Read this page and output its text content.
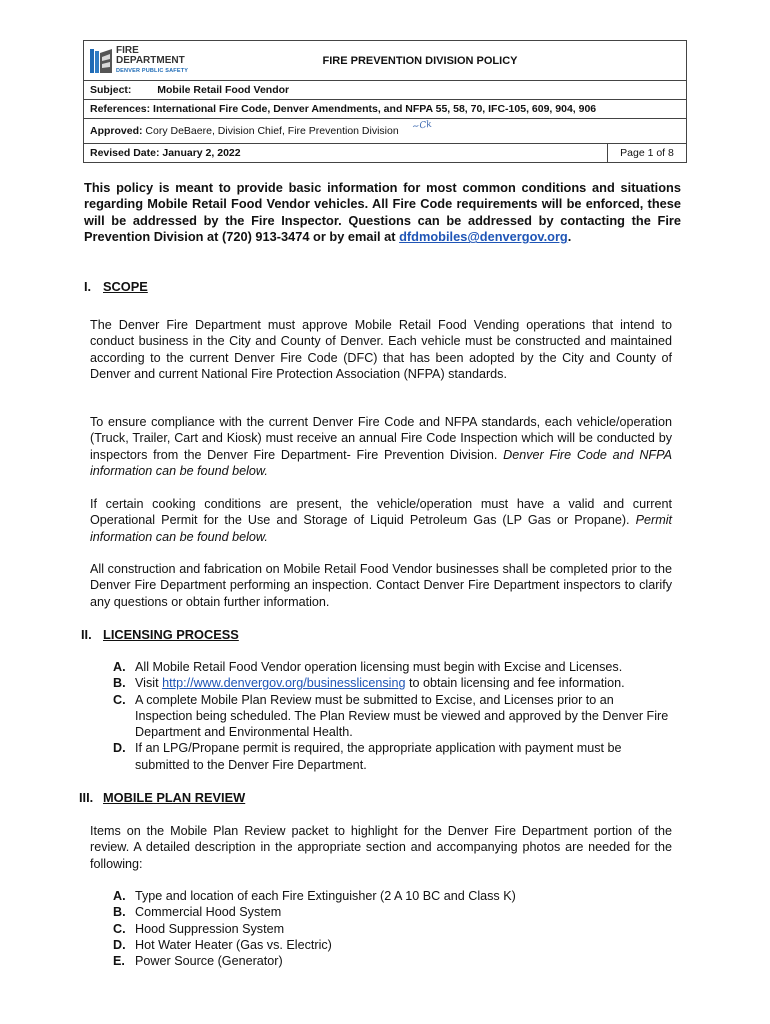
FIRE
DEPARTMENT
DENVER PUBLIC SAFETY
FIRE PREVENTION DIVISION POLICY

Subject: Mobile Retail Food Vendor
References: International Fire Code, Denver Amendments, and NFPA 55, 58, 70, IFC-105, 609, 904, 906
Approved: Cory DeBaere, Division Chief, Fire Prevention Division ~Ck
Revised Date: January 2, 2022	Page 1 of 8
This policy is meant to provide basic information for most common conditions and situations regarding Mobile Retail Food Vendor vehicles. All Fire Code requirements will be enforced, these will be addressed by the Fire Inspector. Questions can be addressed by contacting the Fire Prevention Division at (720) 913-3474 or by email at dfdmobiles@denvergov.org.
I. SCOPE
The Denver Fire Department must approve Mobile Retail Food Vending operations that intend to conduct business in the City and County of Denver. Each vehicle must be constructed and maintained according to the current Denver Fire Code (DFC) that has been adopted by the City and County of Denver and current National Fire Protection Association (NFPA) standards.
To ensure compliance with the current Denver Fire Code and NFPA standards, each vehicle/operation (Truck, Trailer, Cart and Kiosk) must receive an annual Fire Code Inspection which will be conducted by inspectors from the Denver Fire Department- Fire Prevention Division. Denver Fire Code and NFPA information can be found below.
If certain cooking conditions are present, the vehicle/operation must have a valid and current Operational Permit for the Use and Storage of Liquid Petroleum Gas (LP Gas or Propane). Permit information can be found below.
All construction and fabrication on Mobile Retail Food Vendor businesses shall be completed prior to the Denver Fire Department performing an inspection. Contact Denver Fire Department inspectors to clarify any questions or obtain further information.
II. LICENSING PROCESS
A. All Mobile Retail Food Vendor operation licensing must begin with Excise and Licenses.
B. Visit http://www.denvergov.org/businesslicensing to obtain licensing and fee information.
C. A complete Mobile Plan Review must be submitted to Excise, and Licenses prior to an Inspection being scheduled. The Plan Review must be viewed and approved by the Denver Fire Department and Environmental Health.
D. If an LPG/Propane permit is required, the appropriate application with payment must be submitted to the Denver Fire Department.
III. MOBILE PLAN REVIEW
Items on the Mobile Plan Review packet to highlight for the Denver Fire Department portion of the review. A detailed description in the appropriate section and accompanying photos are needed for the following:
A. Type and location of each Fire Extinguisher (2 A 10 BC and Class K)
B. Commercial Hood System
C. Hood Suppression System
D. Hot Water Heater (Gas vs. Electric)
E. Power Source (Generator)
